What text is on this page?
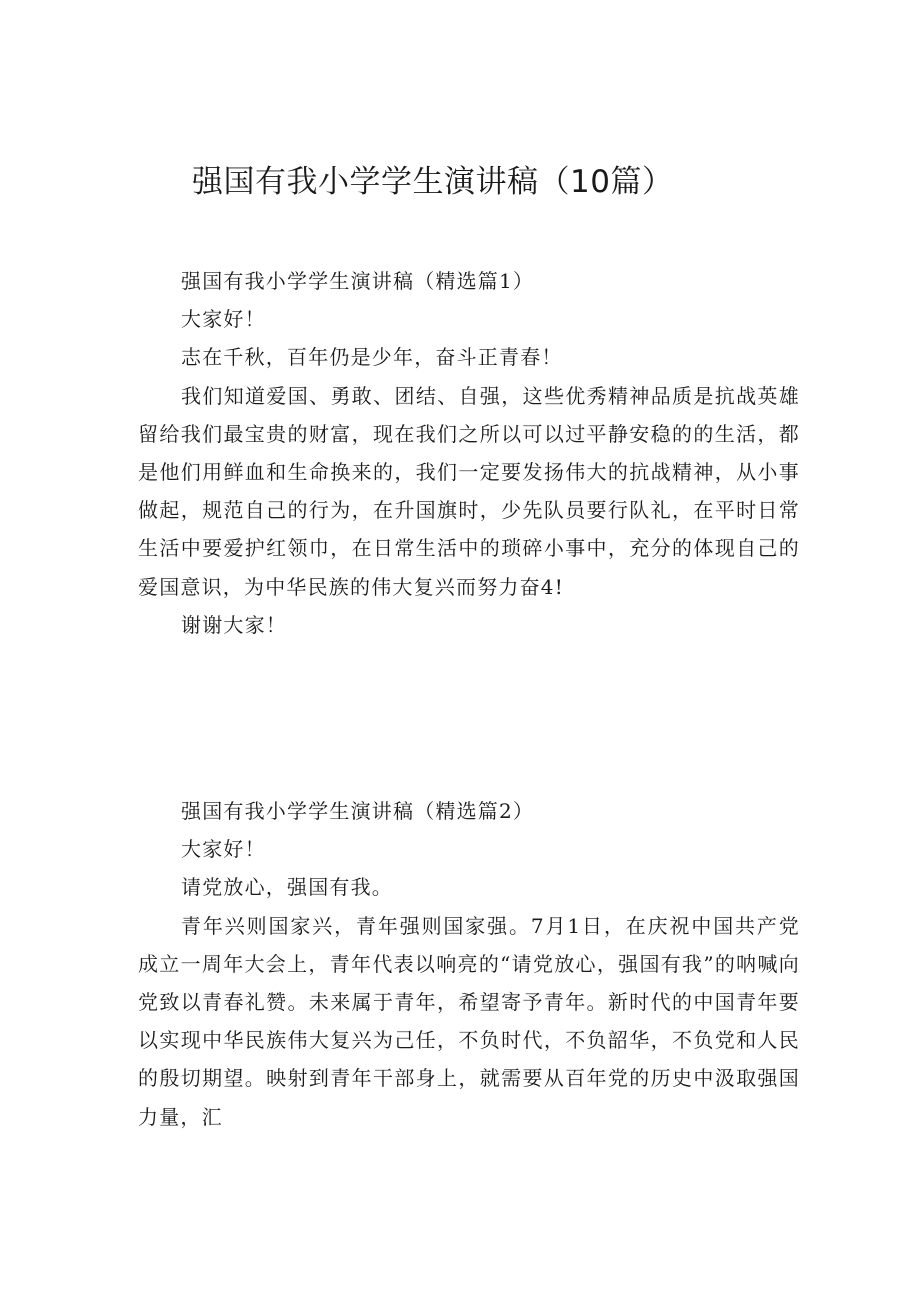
强国有我小学学生演讲稿（10篇）

强国有我小学学生演讲稿（精选篇1）

大家好！

志在千秋，百年仍是少年，奋斗正青春！

我们知道爱国、勇敢、团结、自强，这些优秀精神品质是抗战英雄留给我们最宝贵的财富，现在我们之所以可以过平静安稳的的生活，都是他们用鲜血和生命换来的，我们一定要发扬伟大的抗战精神，从小事做起，规范自己的行为，在升国旗时，少先队员要行队礼，在平时日常生活中要爱护红领巾，在日常生活中的琐碎小事中，充分的体现自己的爱国意识，为中华民族的伟大复兴而努力奋4!

谢谢大家！

强国有我小学学生演讲稿（精选篇2）

大家好！

请党放心，强国有我。

青年兴则国家兴，青年强则国家强。7月1日，在庆祝中国共产党成立一周年大会上，青年代表以响亮的“请党放心，强国有我”的呐喊向党致以青春礼赞。未来属于青年，希望寄予青年。新时代的中国青年要以实现中华民族伟大复兴为己任，不负时代，不负韶华，不负党和人民的殷切期望。映射到青年干部身上，就需要从百年党的历史中汲取强国力量，汇
